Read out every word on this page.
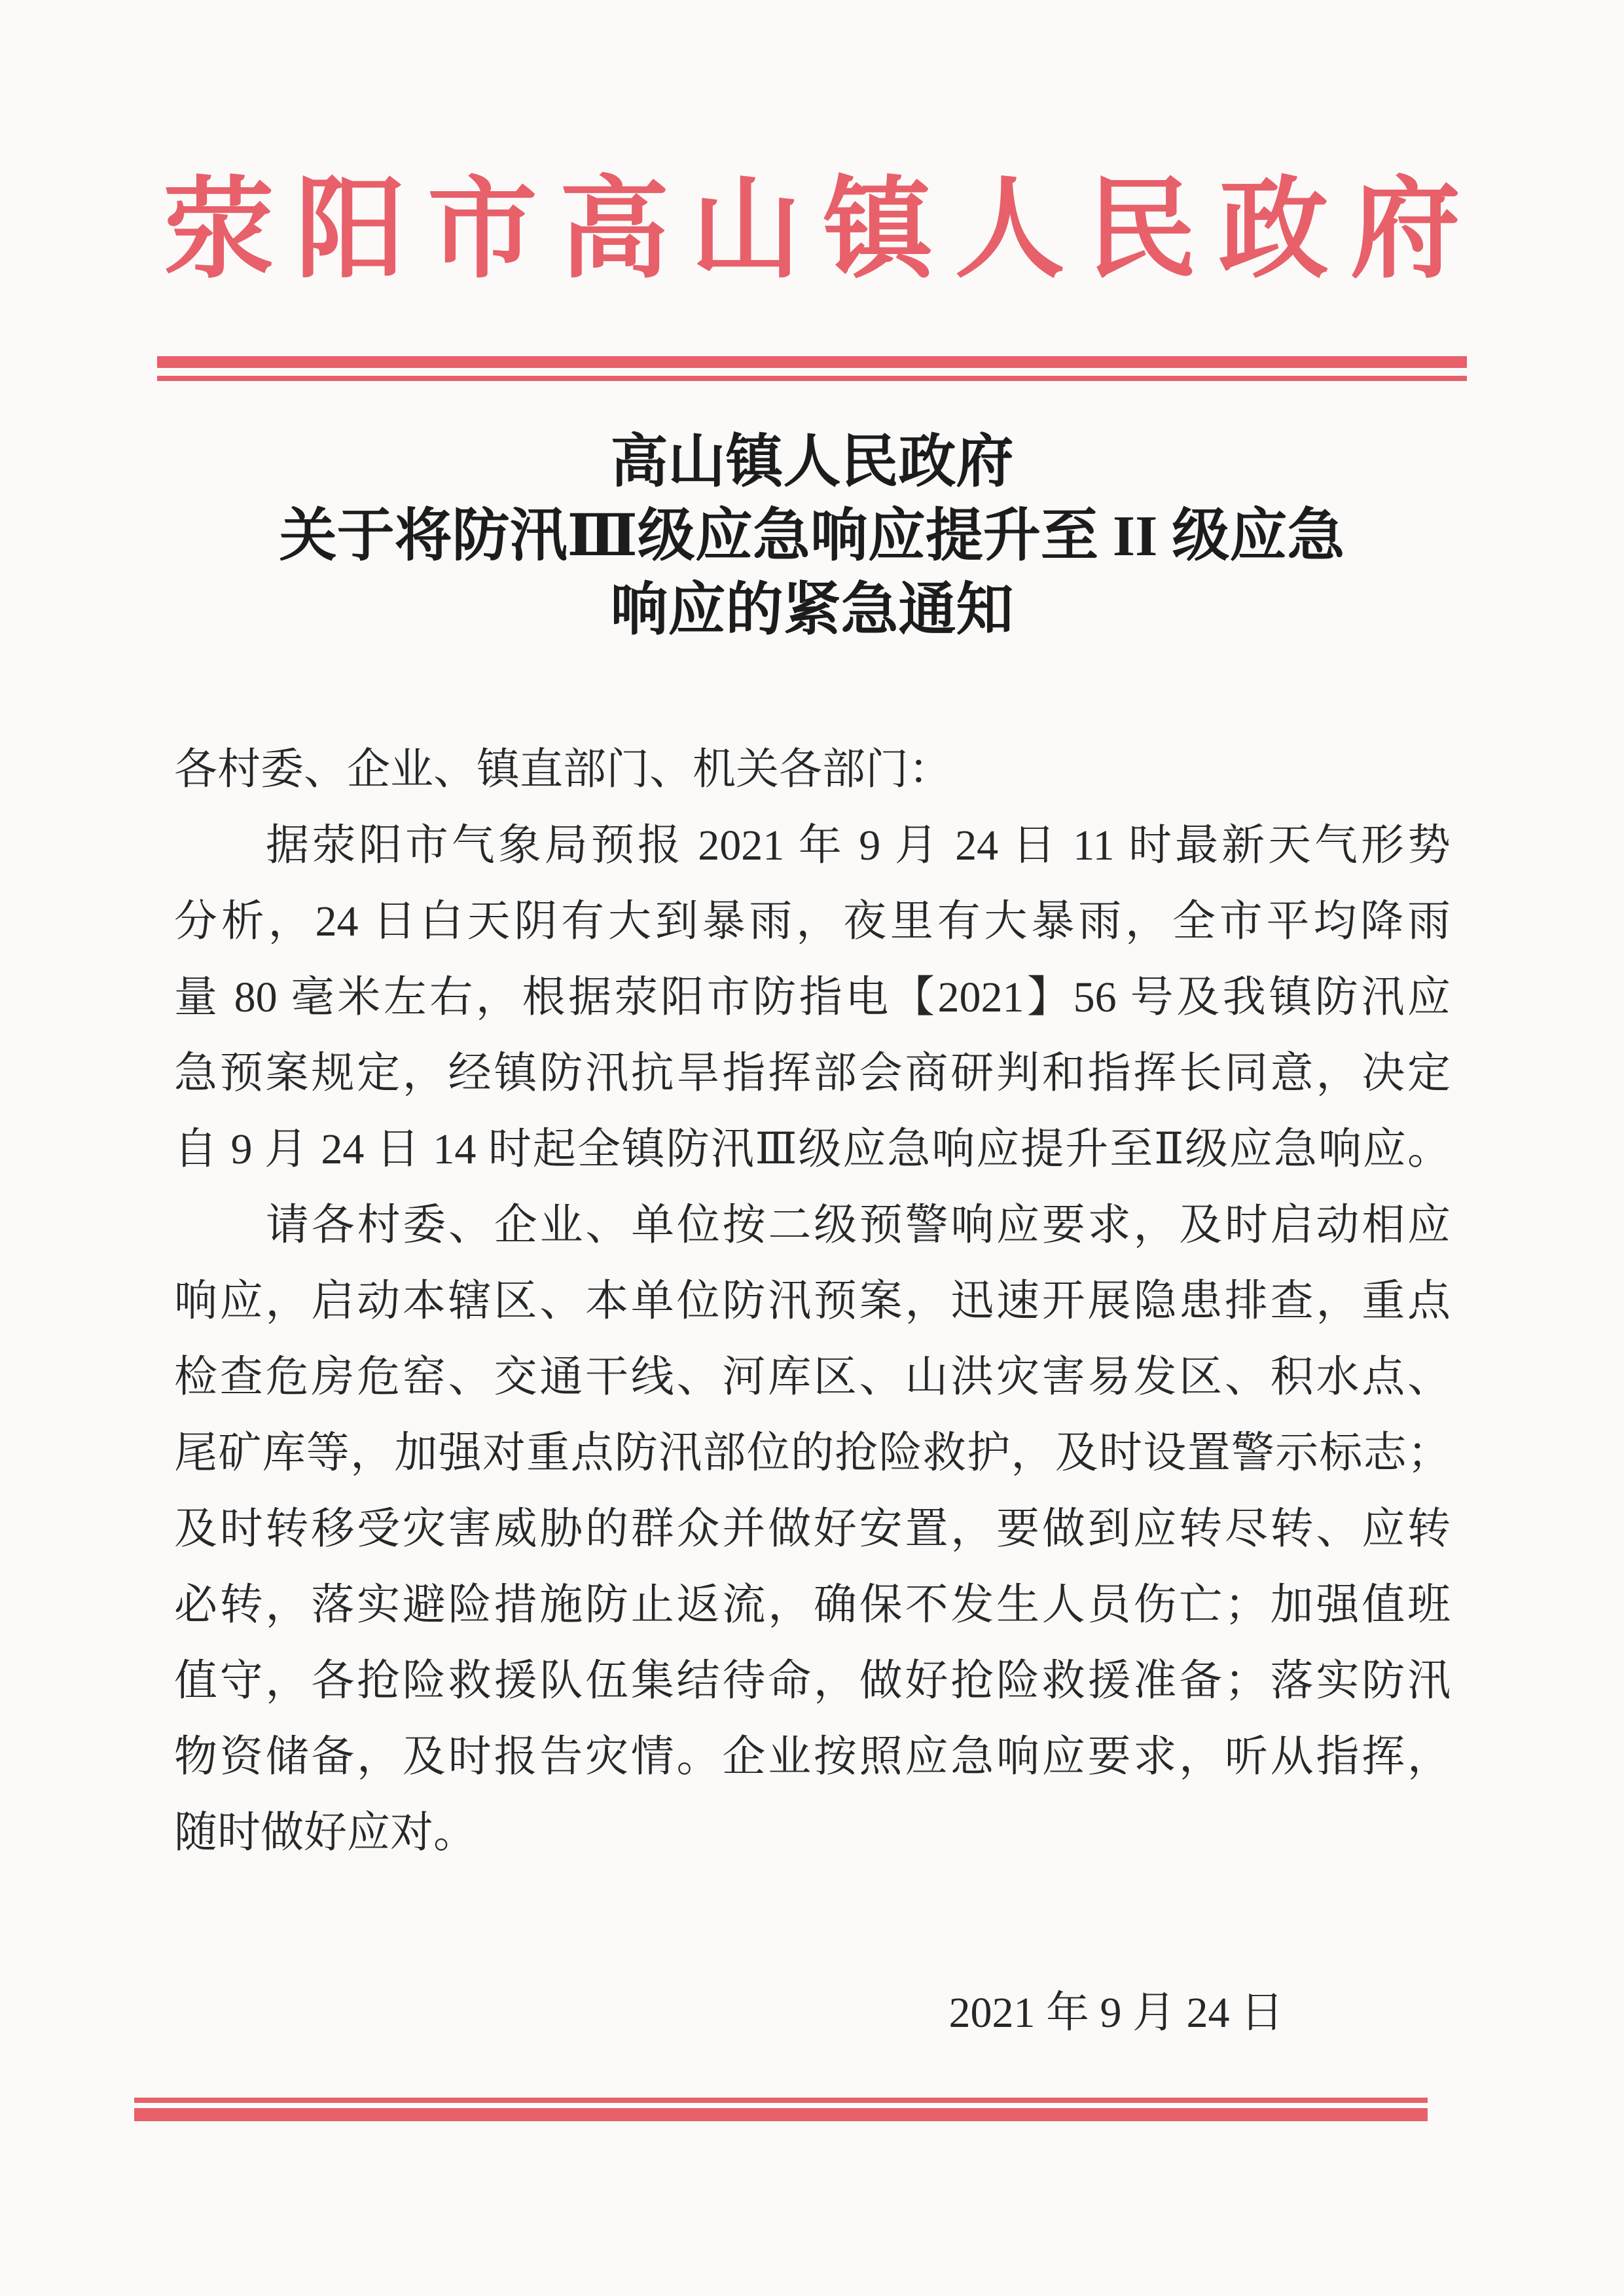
荥阳市高山镇人民政府
高山镇人民政府
关于将防汛Ⅲ级应急响应提升至 II 级应急
响应的紧急通知
各村委、企业、镇直部门、机关各部门：
据荥阳市气象局预报 2021 年 9 月 24 日 11 时最新天气形势
分析，24 日白天阴有大到暴雨，夜里有大暴雨，全市平均降雨
量 80 毫米左右，根据荥阳市防指电【2021】56 号及我镇防汛应
急预案规定，经镇防汛抗旱指挥部会商研判和指挥长同意，决定
自 9 月 24 日 14 时起全镇防汛Ⅲ级应急响应提升至Ⅱ级应急响应。
请各村委、企业、单位按二级预警响应要求，及时启动相应
响应，启动本辖区、本单位防汛预案，迅速开展隐患排查，重点
检查危房危窑、交通干线、河库区、山洪灾害易发区、积水点、
尾矿库等，加强对重点防汛部位的抢险救护，及时设置警示标志；
及时转移受灾害威胁的群众并做好安置，要做到应转尽转、应转
必转，落实避险措施防止返流，确保不发生人员伤亡；加强值班
值守，各抢险救援队伍集结待命，做好抢险救援准备；落实防汛
物资储备，及时报告灾情。企业按照应急响应要求，听从指挥，
随时做好应对。
2021 年 9 月 24 日
